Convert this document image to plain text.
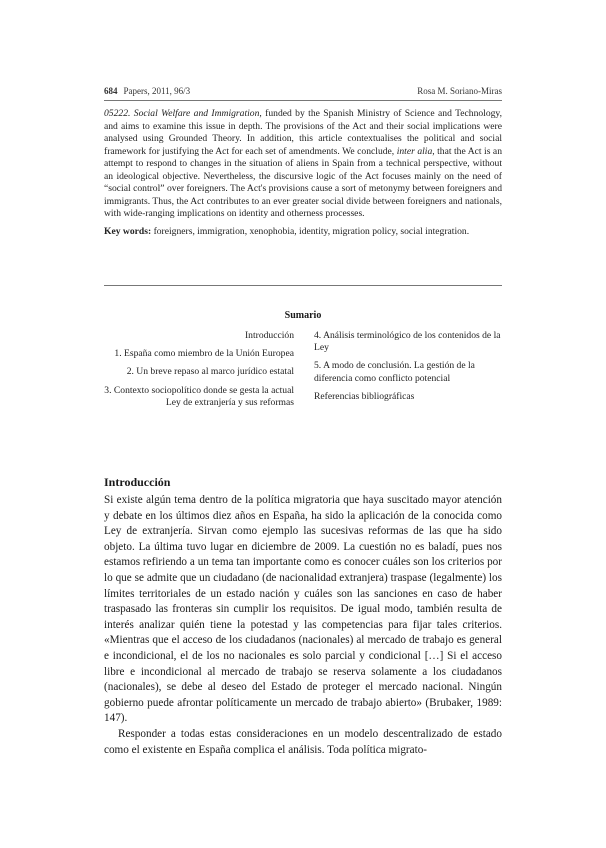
684 Papers, 2011, 96/3	Rosa M. Soriano-Miras

05222. Social Welfare and Immigration, funded by the Spanish Ministry of Science and Technology, and aims to examine this issue in depth. The provisions of the Act and their social implications were analysed using Grounded Theory. In addition, this article contextualises the political and social framework for justifying the Act for each set of amendments. We conclude, inter alia, that the Act is an attempt to respond to changes in the situation of aliens in Spain from a technical perspective, without an ideological objective. Nevertheless, the discursive logic of the Act focuses mainly on the need of “social control” over foreigners. The Act's provisions cause a sort of metonymy between foreigners and immigrants. Thus, the Act contributes to an ever greater social divide between foreigners and nationals, with wide-ranging implications on identity and otherness processes.

Key words: foreigners, immigration, xenophobia, identity, migration policy, social integration.

Sumario
Introducción
1. España como miembro de la Unión Europea
2. Un breve repaso al marco jurídico estatal
3. Contexto sociopolítico donde se gesta la actual Ley de extranjería y sus reformas
4. Análisis terminológico de los contenidos de la Ley
5. A modo de conclusión. La gestión de la diferencia como conflicto potencial
Referencias bibliográficas
Introducción

Si existe algún tema dentro de la política migratoria que haya suscitado mayor atención y debate en los últimos diez años en España, ha sido la aplicación de la conocida como Ley de extranjería. Sirvan como ejemplo las sucesivas reformas de las que ha sido objeto. La última tuvo lugar en diciembre de 2009. La cuestión no es baladí, pues nos estamos refiriendo a un tema tan importante como es conocer cuáles son los criterios por lo que se admite que un ciudadano (de nacionalidad extranjera) traspase (legalmente) los límites territoriales de un estado nación y cuáles son las sanciones en caso de haber traspasado las fronteras sin cumplir los requisitos. De igual modo, también resulta de interés analizar quién tiene la potestad y las competencias para fijar tales criterios. «Mientras que el acceso de los ciudadanos (nacionales) al mercado de trabajo es general e incondicional, el de los no nacionales es solo parcial y condicional […] Si el acceso libre e incondicional al mercado de trabajo se reserva solamente a los ciudadanos (nacionales), se debe al deseo del Estado de proteger el mercado nacional. Ningún gobierno puede afrontar políticamente un mercado de trabajo abierto» (Brubaker, 1989: 147).

Responder a todas estas consideraciones en un modelo descentralizado de estado como el existente en España complica el análisis. Toda política migrato-
